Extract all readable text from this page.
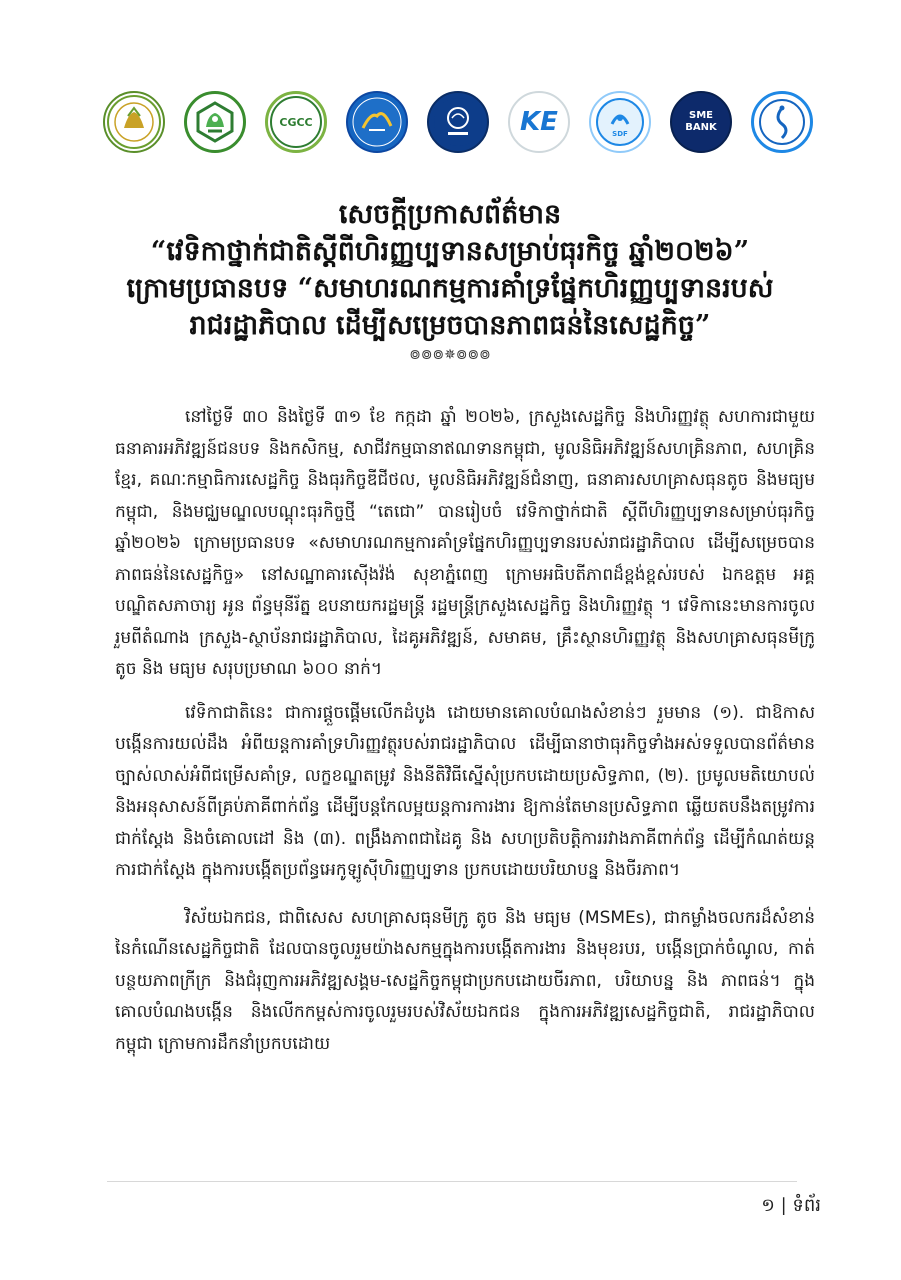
CGCC	KE	SDF
SME BANK
សេចក្តីប្រកាសព័ត៌មាន
“វេទិកាថ្នាក់ជាតិស្តីពីហិរញ្ញប្បទានសម្រាប់ធុរកិច្ច ឆ្នាំ២០២៦”
ក្រោមប្រធានបទ “សមាហរណកម្មការគាំទ្រផ្នែកហិរញ្ញប្បទានរបស់
រាជរដ្ឋាភិបាល ដើម្បីសម្រេចបានភាពធន់នៃសេដ្ឋកិច្ច”
៙៙៙✵៙៙៙

នៅថ្ងៃទី ៣០ និងថ្ងៃទី ៣១ ខែ កក្កដា ឆ្នាំ ២០២៦, ក្រសួងសេដ្ឋកិច្ច និងហិរញ្ញវត្ថុ សហការជាមួយ ធនាគារអភិវឌ្ឍន៍ជនបទ និងកសិកម្ម, សាជីវកម្មធានាឥណទានកម្ពុជា, មូលនិធិអភិវឌ្ឍន៍សហគ្រិនភាព, សហគ្រិនខ្មែរ, គណៈកម្មាធិការសេដ្ឋកិច្ច និងធុរកិច្ចឌីជីថល, មូលនិធិអភិវឌ្ឍន៍ជំនាញ, ធនាគារសហគ្រាសធុនតូច និងមធ្យមកម្ពុជា, និងមជ្ឈមណ្ឌលបណ្តុះធុរកិច្ចថ្មី “តេជោ” បានរៀបចំ វេទិកាថ្នាក់ជាតិ ស្តីពីហិរញ្ញប្បទានសម្រាប់ធុរកិច្ច ឆ្នាំ២០២៦ ក្រោមប្រធានបទ «សមាហរណកម្មការគាំទ្រផ្នែកហិរញ្ញប្បទានរបស់រាជរដ្ឋាភិបាល ដើម្បីសម្រេចបានភាពធន់នៃសេដ្ឋកិច្ច» នៅសណ្ឋាគារស៊ើងវ៉ង់ សុខាភ្នំពេញ ក្រោមអធិបតីភាពដ៏ខ្ពង់ខ្ពស់របស់ ឯកឧត្តម អគ្គបណ្ឌិតសភាចារ្យ អូន ព័ន្ធមុនីរ័ត្ន ឧបនាយករដ្ឋមន្ត្រី រដ្ឋមន្ត្រីក្រសួងសេដ្ឋកិច្ច និងហិរញ្ញវត្ថុ ។ វេទិកានេះមានការចូលរួមពីតំណាង ក្រសួង-ស្ថាប័នរាជរដ្ឋាភិបាល, ដៃគូអភិវឌ្ឍន៍, សមាគម, គ្រឹះស្ថានហិរញ្ញវត្ថុ និងសហគ្រាសធុនមីក្រូ តូច និង មធ្យម សរុបប្រមាណ ៦០០ នាក់។

វេទិកាជាតិនេះ ជាការផ្តួចផ្តើមលើកដំបូង ដោយមានគោលបំណងសំខាន់ៗ រួមមាន (១). ជាឱកាសបង្កើនការយល់ដឹង អំពីយន្តការគាំទ្រហិរញ្ញវត្ថុរបស់រាជរដ្ឋាភិបាល ដើម្បីធានាថាធុរកិច្ចទាំងអស់ទទួលបានព័ត៌មានច្បាស់លាស់អំពីជម្រើសគាំទ្រ, លក្ខខណ្ឌតម្រូវ និងនីតិវិធីស្នើសុំប្រកបដោយប្រសិទ្ធភាព, (២). ប្រមូលមតិយោបល់ និងអនុសាសន៍ពីគ្រប់ភាគីពាក់ព័ន្ធ ដើម្បីបន្តកែលម្អយន្តការការងារ ឱ្យកាន់តែមានប្រសិទ្ធភាព ឆ្លើយតបនឹងតម្រូវការជាក់ស្តែង និងចំគោលដៅ និង (៣). ពង្រឹងភាពជាដៃគូ និង សហប្រតិបត្តិការរវាងភាគីពាក់ព័ន្ធ ដើម្បីកំណត់យន្តការជាក់ស្តែង ក្នុងការបង្កើតប្រព័ន្ធអេកូឡូស៊ីហិរញ្ញប្បទាន ប្រកបដោយបរិយាបន្ន និងចីរភាព។

វិស័យឯកជន, ជាពិសេស សហគ្រាសធុនមីក្រូ តូច និង មធ្យម (MSMEs), ជាកម្លាំងចលករដ៏សំខាន់ នៃកំណើនសេដ្ឋកិច្ចជាតិ ដែលបានចូលរួមយ៉ាងសកម្មក្នុងការបង្កើតការងារ និងមុខរបរ, បង្កើនប្រាក់ចំណូល, កាត់បន្ថយភាពក្រីក្រ និងជំរុញការអភិវឌ្ឍសង្គម-សេដ្ឋកិច្ចកម្ពុជាប្រកបដោយចីរភាព, បរិយាបន្ន និង ភាពធន់។ ក្នុងគោលបំណងបង្កើន និងលើកកម្ពស់ការចូលរួមរបស់វិស័យឯកជន ក្នុងការអភិវឌ្ឍសេដ្ឋកិច្ចជាតិ, រាជរដ្ឋាភិបាលកម្ពុជា ក្រោមការដឹកនាំប្រកបដោយ

១ | ទំព័រ
